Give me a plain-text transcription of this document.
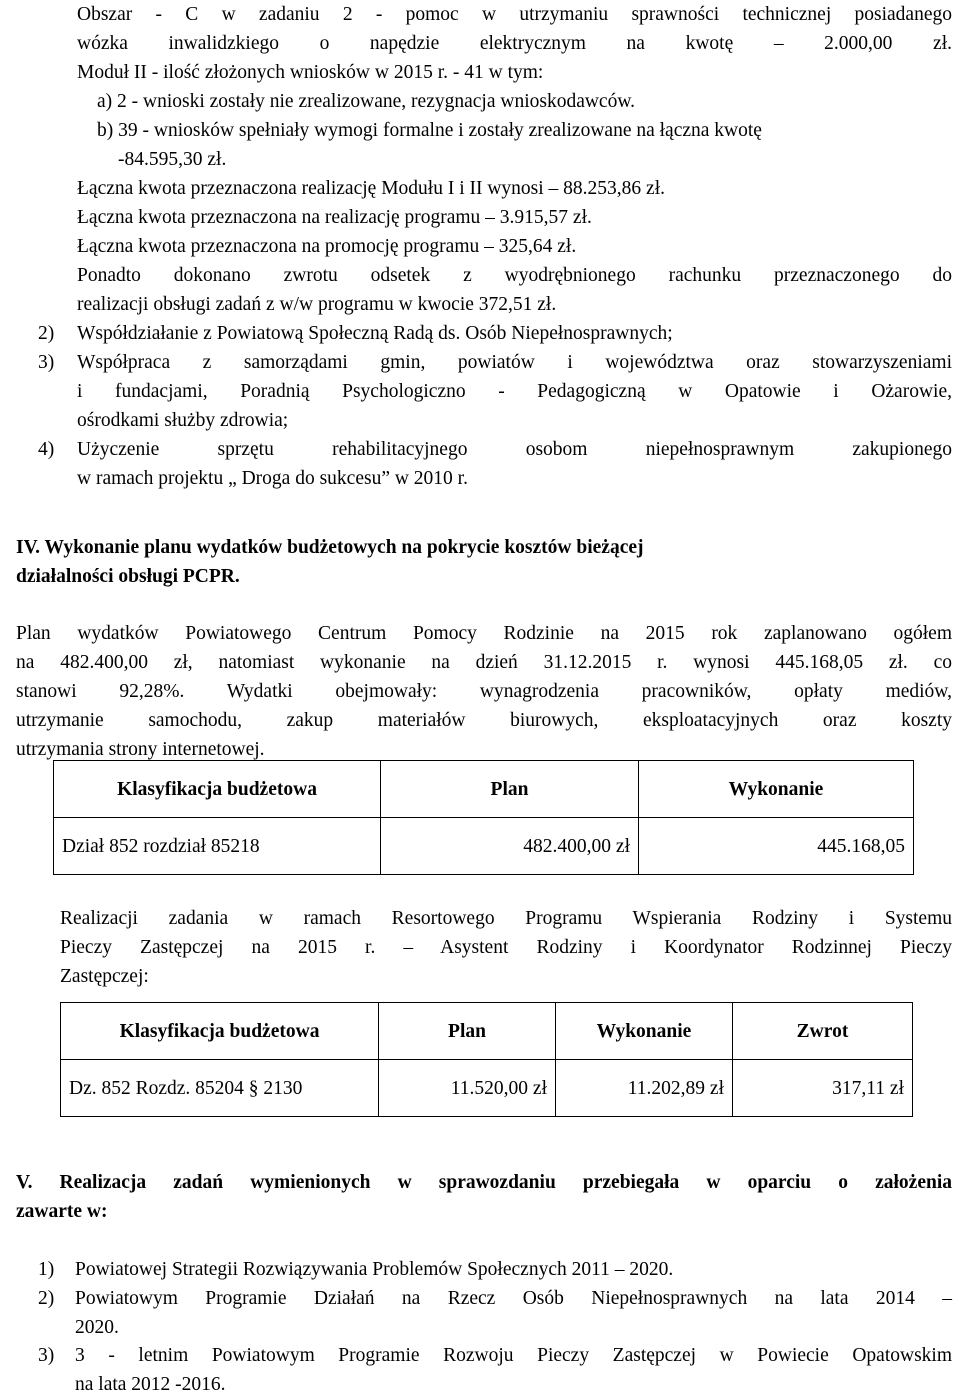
Obszar - C w zadaniu 2 - pomoc w utrzymaniu sprawności technicznej posiadanego
wózka inwalidzkiego o napędzie elektrycznym na kwotę – 2.000,00 zł.
Moduł II - ilość złożonych wniosków w 2015 r. - 41 w tym:
a) 2 - wnioski zostały nie zrealizowane, rezygnacja wnioskodawców.
b) 39 - wniosków spełniały wymogi formalne i zostały zrealizowane na łączna kwotę
-84.595,30 zł.
Łączna kwota przeznaczona realizację Modułu I i II wynosi – 88.253,86 zł.
Łączna kwota przeznaczona na realizację programu – 3.915,57 zł.
Łączna kwota przeznaczona na promocję programu – 325,64 zł.
Ponadto dokonano zwrotu odsetek z wyodrębnionego rachunku przeznaczonego do
realizacji obsługi zadań z w/w programu w kwocie 372,51 zł.
2) Współdziałanie z Powiatową Społeczną Radą ds. Osób Niepełnosprawnych;
3) Współpraca z samorządami gmin, powiatów i województwa oraz stowarzyszeniami
i fundacjami, Poradnią Psychologiczno - Pedagogiczną w Opatowie i Ożarowie,
ośrodkami służby zdrowia;
4) Użyczenie sprzętu rehabilitacyjnego osobom niepełnosprawnym zakupionego
w ramach projektu „ Droga do sukcesu” w 2010 r.
IV. Wykonanie planu wydatków budżetowych na pokrycie kosztów bieżącej
działalności obsługi PCPR.
Plan wydatków Powiatowego Centrum Pomocy Rodzinie na 2015 rok zaplanowano ogółem
na 482.400,00 zł, natomiast wykonanie na dzień 31.12.2015 r. wynosi 445.168,05 zł. co
stanowi 92,28%. Wydatki obejmowały: wynagrodzenia pracowników, opłaty mediów,
utrzymanie samochodu, zakup materiałów biurowych, eksploatacyjnych oraz koszty
utrzymania strony internetowej.
Klasyfikacja budżetowa	Plan	Wykonanie
Dział 852 rozdział 85218	482.400,00 zł	445.168,05
Realizacji zadania w ramach Resortowego Programu Wspierania Rodziny i Systemu
Pieczy Zastępczej na 2015 r. – Asystent Rodziny i Koordynator Rodzinnej Pieczy
Zastępczej:
Klasyfikacja budżetowa	Plan	Wykonanie	Zwrot
Dz. 852 Rozdz. 85204 § 2130	11.520,00 zł	11.202,89 zł	317,11 zł
V. Realizacja zadań wymienionych w sprawozdaniu przebiegała w oparciu o założenia
zawarte w:
1) Powiatowej Strategii Rozwiązywania Problemów Społecznych 2011 – 2020.
2) Powiatowym Programie Działań na Rzecz Osób Niepełnosprawnych na lata 2014 –
2020.
3) 3 - letnim Powiatowym Programie Rozwoju Pieczy Zastępczej w Powiecie Opatowskim
na lata 2012 -2016.
